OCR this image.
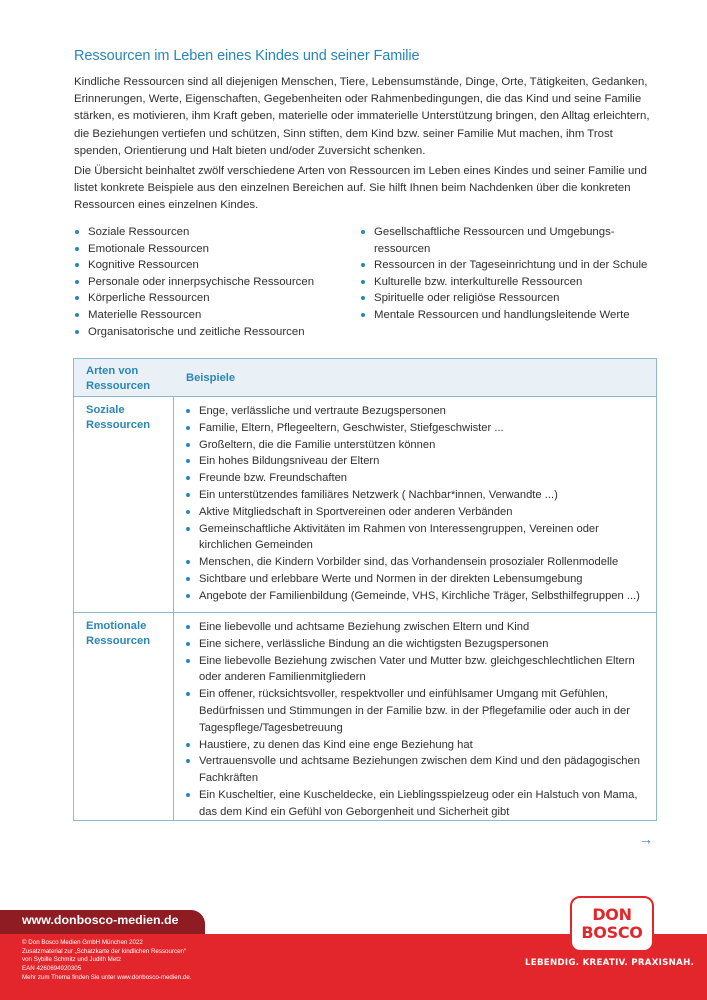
Ressourcen im Leben eines Kindes und seiner Familie

Kindliche Ressourcen sind all diejenigen Menschen, Tiere, Lebensumstände, Dinge, Orte, Tätigkeiten, Gedanken, Erinnerungen, Werte, Eigenschaften, Gegebenheiten oder Rahmenbedingungen, die das Kind und seine Familie stärken, es motivieren, ihm Kraft geben, materielle oder immaterielle Unterstützung bringen, den Alltag erleichtern, die Beziehungen vertiefen und schützen, Sinn stiften, dem Kind bzw. seiner Familie Mut machen, ihm Trost spenden, Orientierung und Halt bieten und/oder Zuversicht schenken.

Die Übersicht beinhaltet zwölf verschiedene Arten von Ressourcen im Leben eines Kindes und seiner Familie und listet konkrete Beispiele aus den einzelnen Bereichen auf. Sie hilft Ihnen beim Nachdenken über die konkreten Ressourcen eines einzelnen Kindes.

Soziale Ressourcen
Emotionale Ressourcen
Kognitive Ressourcen
Personale oder innerpsychische Ressourcen
Körperliche Ressourcen
Materielle Ressourcen
Organisatorische und zeitliche Ressourcen
Gesellschaftliche Ressourcen und Umgebungsressourcen
Ressourcen in der Tageseinrichtung und in der Schule
Kulturelle bzw. interkulturelle Ressourcen
Spirituelle oder religiöse Ressourcen
Mentale Ressourcen und handlungsleitende Werte
Arten von Ressourcen
Beispiele
Soziale Ressourcen
Enge, verlässliche und vertraute Bezugspersonen
Familie, Eltern, Pflegeeltern, Geschwister, Stiefgeschwister ...
Großeltern, die die Familie unterstützen können
Ein hohes Bildungsniveau der Eltern
Freunde bzw. Freundschaften
Ein unterstützendes familiäres Netzwerk ( Nachbar*innen, Verwandte ...)
Aktive Mitgliedschaft in Sportvereinen oder anderen Verbänden
Gemeinschaftliche Aktivitäten im Rahmen von Interessengruppen, Vereinen oder kirchlichen Gemeinden
Menschen, die Kindern Vorbilder sind, das Vorhandensein prosozialer Rollenmodelle
Sichtbare und erlebbare Werte und Normen in der direkten Lebensumgebung
Angebote der Familienbildung (Gemeinde, VHS, Kirchliche Träger, Selbsthilfegruppen ...)
Emotionale Ressourcen
Eine liebevolle und achtsame Beziehung zwischen Eltern und Kind
Eine sichere, verlässliche Bindung an die wichtigsten Bezugspersonen
Eine liebevolle Beziehung zwischen Vater und Mutter bzw. gleichgeschlechtlichen Eltern oder anderen Familienmitgliedern
Ein offener, rücksichtsvoller, respektvoller und einfühlsamer Umgang mit Gefühlen, Bedürfnissen und Stimmungen in der Familie bzw. in der Pflegefamilie oder auch in der Tagespflege/Tagesbetreuung
Haustiere, zu denen das Kind eine enge Beziehung hat
Vertrauensvolle und achtsame Beziehungen zwischen dem Kind und den pädagogischen Fachkräften
Ein Kuscheltier, eine Kuscheldecke, ein Lieblingsspielzeug oder ein Halstuch von Mama, das dem Kind ein Gefühl von Geborgenheit und Sicherheit gibt
→
www.donbosco-medien.de
© Don Bosco Medien GmbH München 2022
Zusatzmaterial zur „Schatzkarte der kindlichen Ressourcen“
von Sybille Schmitz und Judith Metz
EAN 4260694920305
Mehr zum Thema finden Sie unter www.donbosco-medien.de.
DON
BOSCO
LEBENDIG. KREATIV. PRAXISNAH.
